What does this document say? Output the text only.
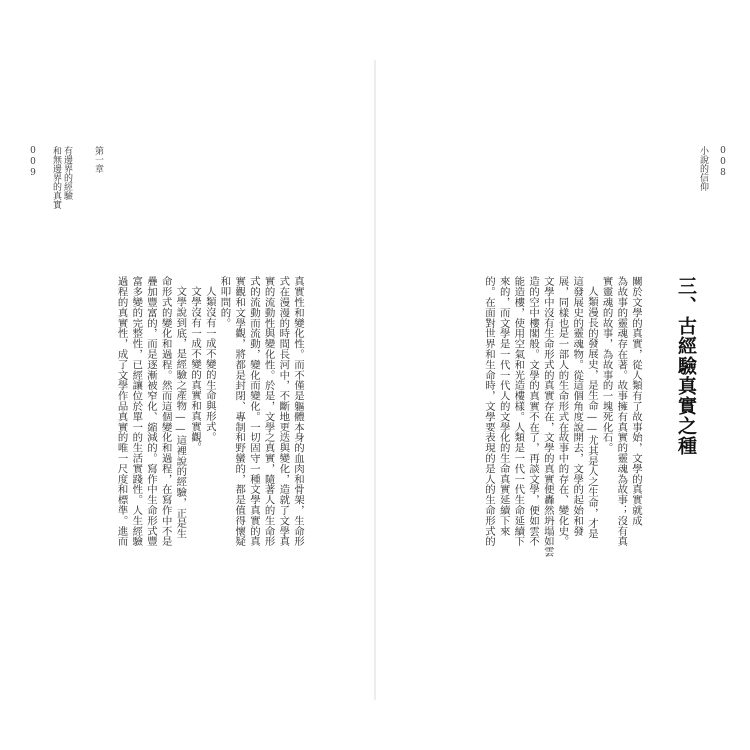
008
小說的信仰
三、古經驗真實之種
關於文學的真實，從人類有了故事始，文學的真實就成
為故事的靈魂存在著。故事擁有真實的靈魂為故事；沒有真
實靈魂的故事，為故事的一塊死化石。
人類漫長的發展史，是生命——尤其是人之生命，才是
這發展史的靈魂物。從這個角度說開去，文學的起始和發
展，同樣也是一部人的生命形式在故事中的存在、變化史。
文學中沒有生命形式的真實存在，文學的真實便轟然坍塌如雲
造的空中樓閣般。文學的真實不在了，再談文學，便如雲不
能造樓，使用空氣和光造樓樣。人類是一代一代生命延續下
來的，而文學是一代一代人的文學化的生命真實延續下來
的。在面對世界和生命時，文學要表現的是人的生命形式的
009	第一章
有邊界的經驗
和無邊界的真實
真實性和變化性。而不僅是軀體本身的血肉和骨架，生命形
式在漫漫的時間長河中，不斷地更迭與變化，造就了文學真
實的流動性與變化性。於是，文學之真實，隨著人的生命形
式的流動而流動，變化而變化。一切固守一種文學真實的真
實觀和文學觀，將都是封閉、專制和野蠻的，都是值得懷疑
和叩問的。
人類沒有一成不變的生命與形式。
文學沒有一成不變的真實和真實觀。
文學說到底，是經驗之產物——這裡說的經驗，正是生
命形式的變化和過程。然而這個變化和過程，在寫作中不是
疊加豐富的，而是逐漸被窄化、縮減的。寫作中生命形式豐
富多變的完整性，已經讓位於單一的生活實踐性。人生經驗
過程的真實性，成了文學作品真實的唯一尺度和標準。進而
